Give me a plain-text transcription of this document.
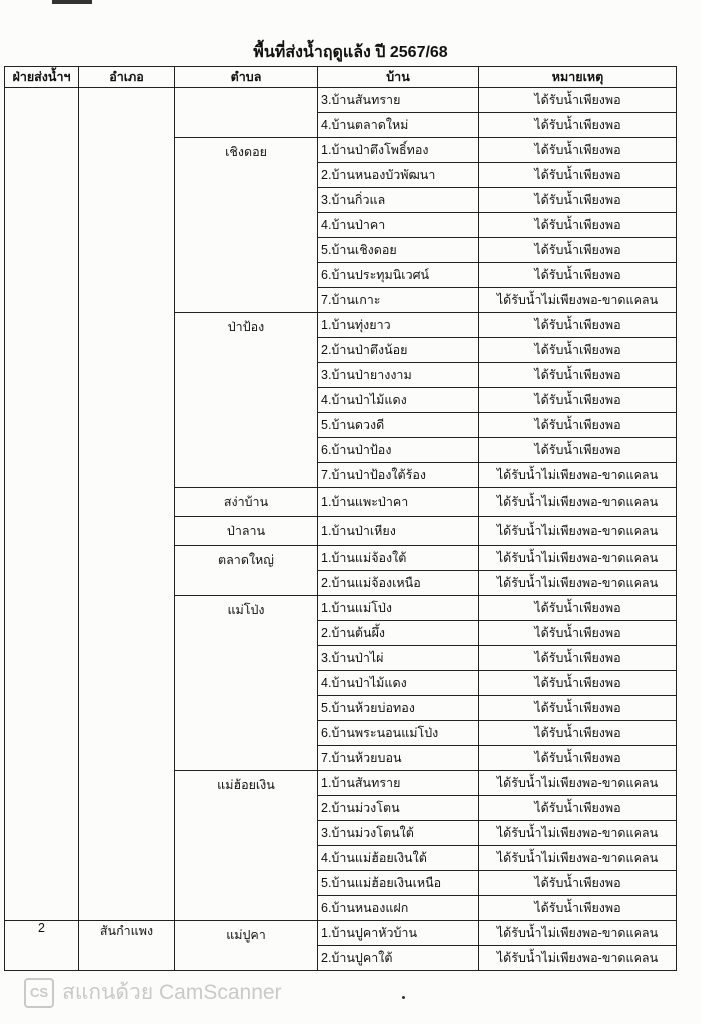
พื้นที่ส่งน้ำฤดูแล้ง ปี 2567/68
ฝ่ายส่งน้ำฯ	อำเภอ	ตำบล	บ้าน	หมายเหตุ
			3.บ้านสันทราย	ได้รับน้ำเพียงพอ
			4.บ้านตลาดใหม่	ได้รับน้ำเพียงพอ
		เชิงดอย	1.บ้านป่าตึงโพธิ์ทอง	ได้รับน้ำเพียงพอ
			2.บ้านหนองบัวพัฒนา	ได้รับน้ำเพียงพอ
			3.บ้านกิ่วแล	ได้รับน้ำเพียงพอ
			4.บ้านป่าคา	ได้รับน้ำเพียงพอ
			5.บ้านเชิงดอย	ได้รับน้ำเพียงพอ
			6.บ้านประทุมนิเวศน์	ได้รับน้ำเพียงพอ
			7.บ้านเกาะ	ได้รับน้ำไม่เพียงพอ-ขาดแคลน
		ป่าป้อง	1.บ้านทุ่งยาว	ได้รับน้ำเพียงพอ
			2.บ้านป่าตึงน้อย	ได้รับน้ำเพียงพอ
			3.บ้านป่ายางงาม	ได้รับน้ำเพียงพอ
			4.บ้านป่าไม้แดง	ได้รับน้ำเพียงพอ
			5.บ้านดวงดี	ได้รับน้ำเพียงพอ
			6.บ้านป่าป้อง	ได้รับน้ำเพียงพอ
			7.บ้านป่าป้องใต้ร้อง	ได้รับน้ำไม่เพียงพอ-ขาดแคลน
		สง่าบ้าน	1.บ้านแพะป่าคา	ได้รับน้ำไม่เพียงพอ-ขาดแคลน
		ป่าลาน	1.บ้านป่าเหียง	ได้รับน้ำไม่เพียงพอ-ขาดแคลน
		ตลาดใหญ่	1.บ้านแม่จ้องใต้	ได้รับน้ำไม่เพียงพอ-ขาดแคลน
			2.บ้านแม่จ้องเหนือ	ได้รับน้ำไม่เพียงพอ-ขาดแคลน
		แม่โป่ง	1.บ้านแม่โป่ง	ได้รับน้ำเพียงพอ
			2.บ้านต้นผึ้ง	ได้รับน้ำเพียงพอ
			3.บ้านป่าไผ่	ได้รับน้ำเพียงพอ
			4.บ้านป่าไม้แดง	ได้รับน้ำเพียงพอ
			5.บ้านห้วยบ่อทอง	ได้รับน้ำเพียงพอ
			6.บ้านพระนอนแม่โป่ง	ได้รับน้ำเพียงพอ
			7.บ้านห้วยบอน	ได้รับน้ำเพียงพอ
		แม่ฮ้อยเงิน	1.บ้านสันทราย	ได้รับน้ำไม่เพียงพอ-ขาดแคลน
			2.บ้านม่วงโตน	ได้รับน้ำเพียงพอ
			3.บ้านม่วงโตนใต้	ได้รับน้ำไม่เพียงพอ-ขาดแคลน
			4.บ้านแม่ฮ้อยเงินใต้	ได้รับน้ำไม่เพียงพอ-ขาดแคลน
			5.บ้านแม่ฮ้อยเงินเหนือ	ได้รับน้ำเพียงพอ
			6.บ้านหนองแฝก	ได้รับน้ำเพียงพอ
2	สันกำแพง	แม่ปูคา	1.บ้านปูคาหัวบ้าน	ได้รับน้ำไม่เพียงพอ-ขาดแคลน
			2.บ้านปูคาใต้	ได้รับน้ำไม่เพียงพอ-ขาดแคลน
CS สแกนด้วย CamScanner
